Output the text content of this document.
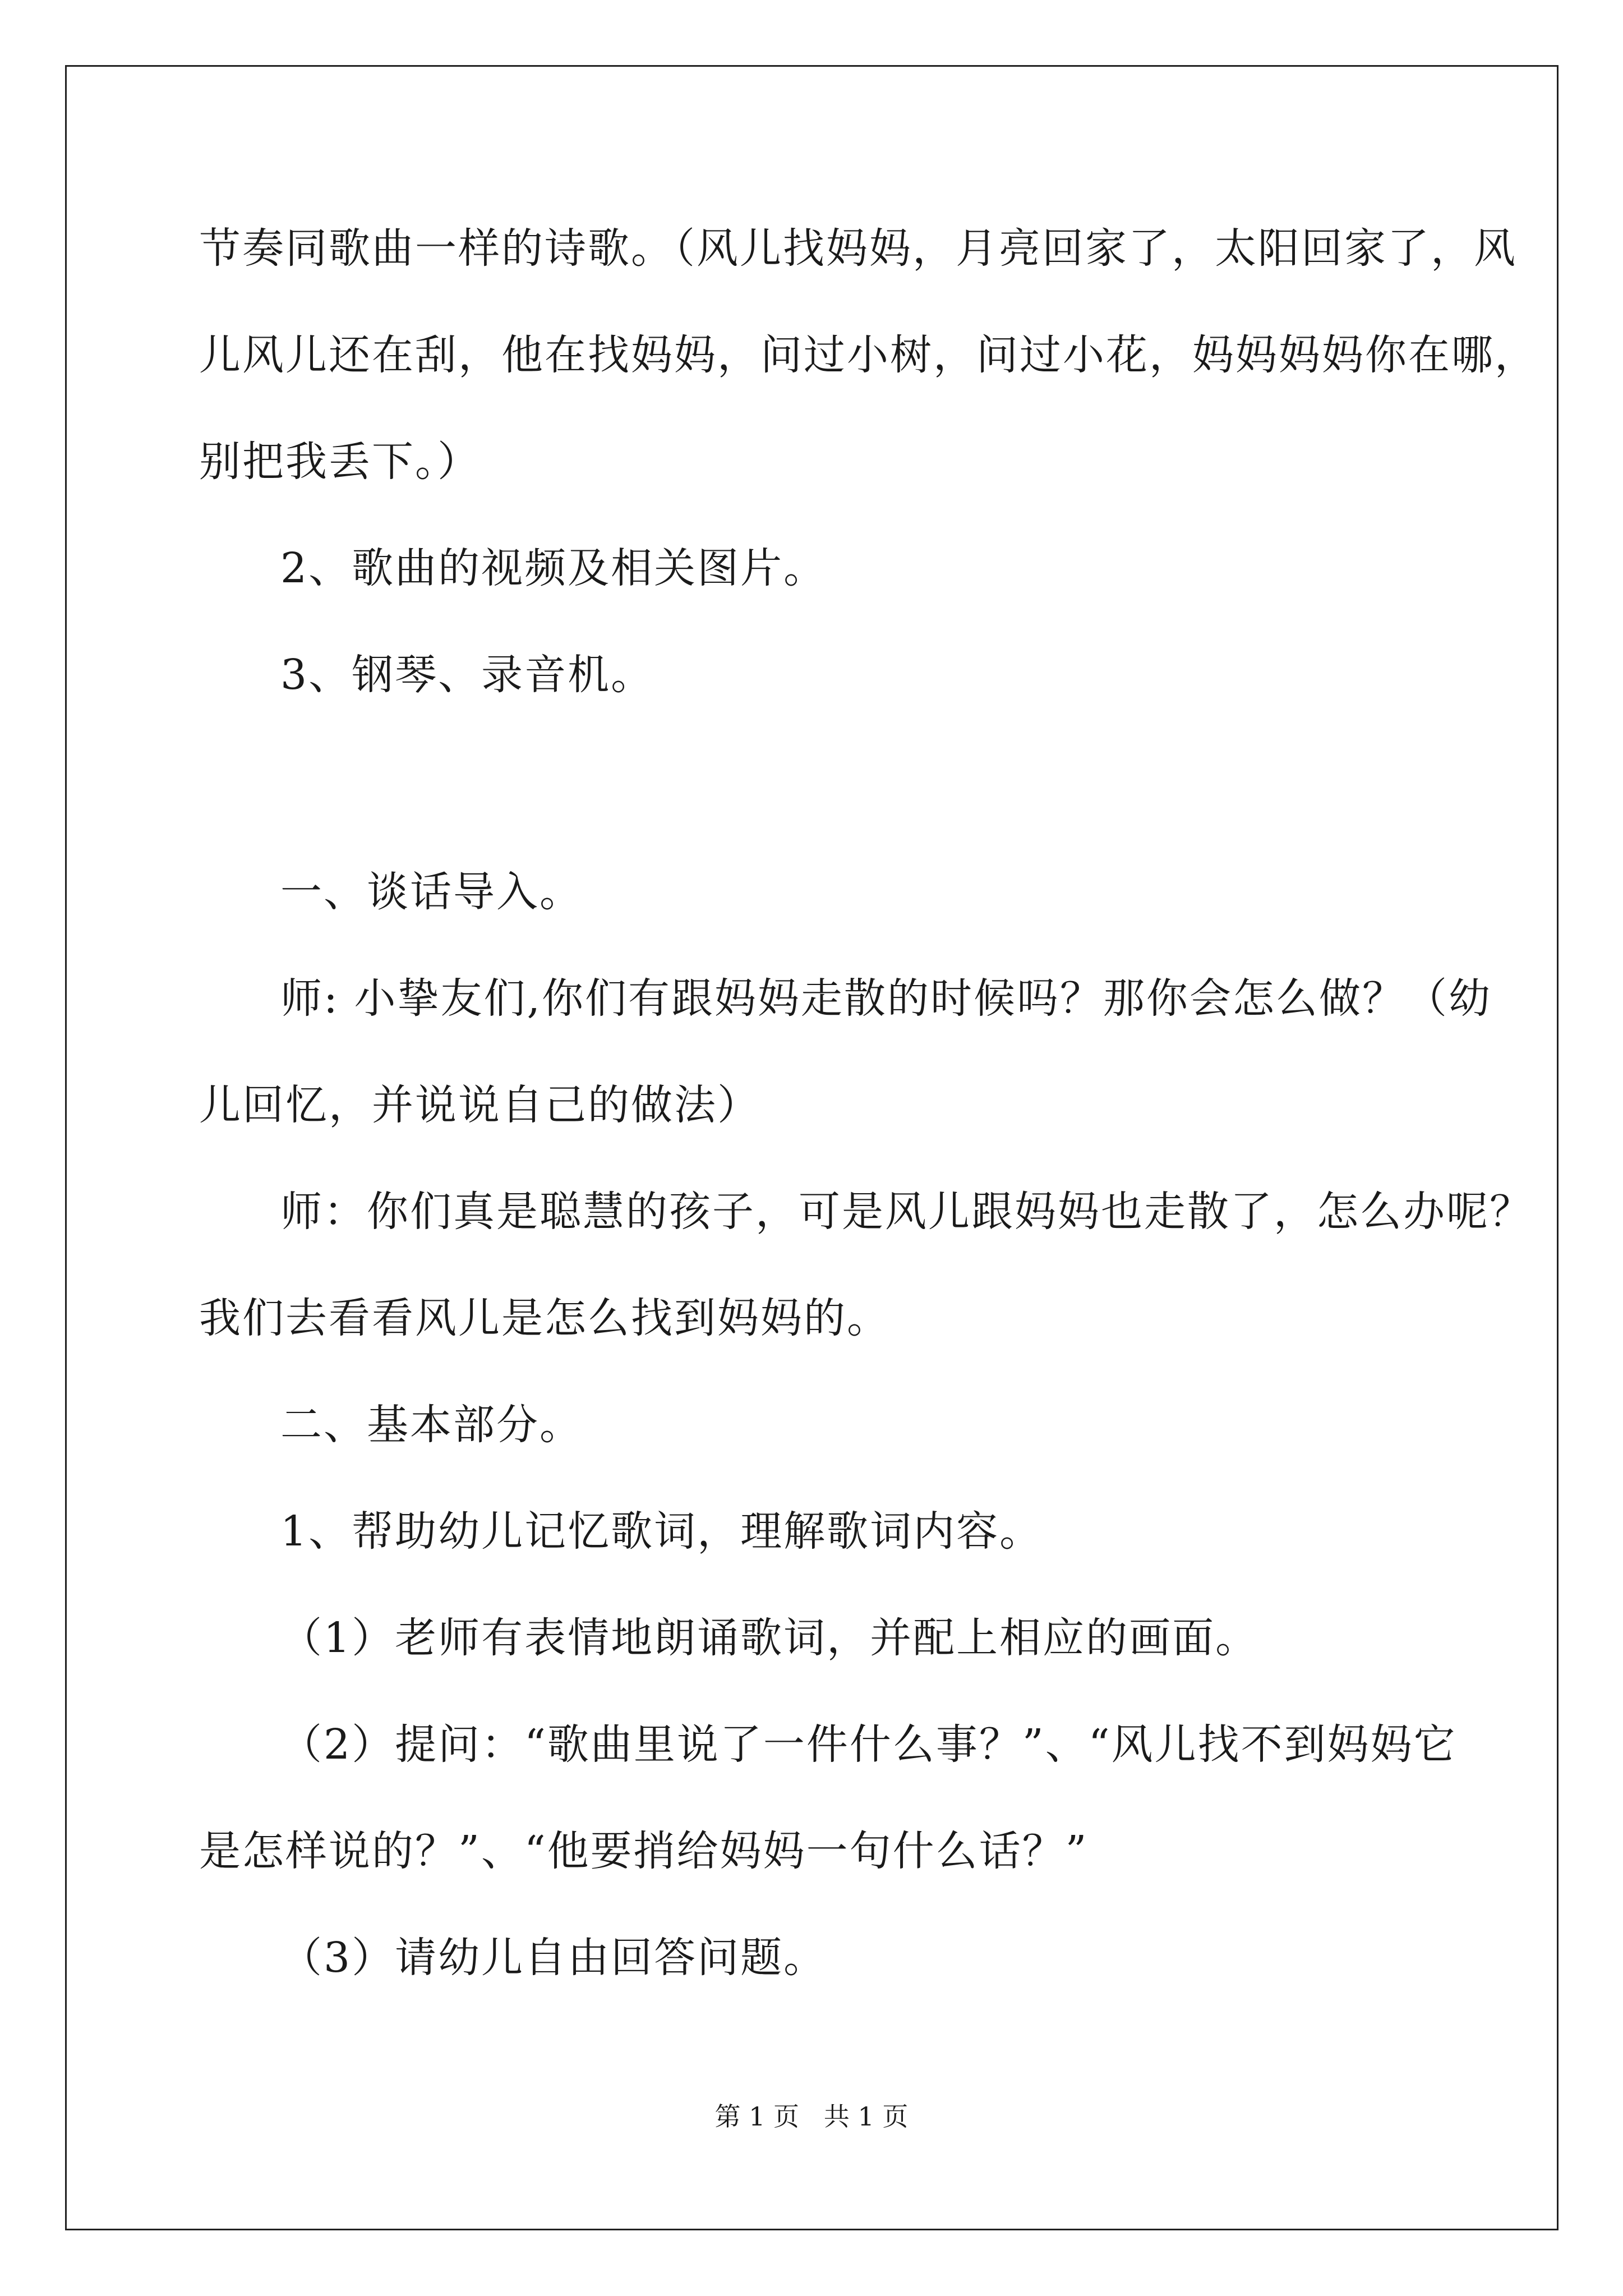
节奏同歌曲一样的诗歌。（风儿找妈妈，月亮回家了，太阳回家了，风
儿风儿还在刮，他在找妈妈，问过小树，问过小花，妈妈妈妈你在哪，
别把我丢下。）
2、歌曲的视频及相关图片。
3、钢琴、录音机。
一、谈话导入。
师: 小挚友们,你们有跟妈妈走散的时候吗？那你会怎么做？（幼
儿回忆，并说说自己的做法）
师：你们真是聪慧的孩子，可是风儿跟妈妈也走散了，怎么办呢？
我们去看看风儿是怎么找到妈妈的。
二、基本部分。
1、帮助幼儿记忆歌词，理解歌词内容。
（1）老师有表情地朗诵歌词，并配上相应的画面。
（2）提问：“歌曲里说了一件什么事？”、“风儿找不到妈妈它
是怎样说的？”、“他要捎给妈妈一句什么话？”
（3）请幼儿自由回答问题。
第 1 页   共 1 页
